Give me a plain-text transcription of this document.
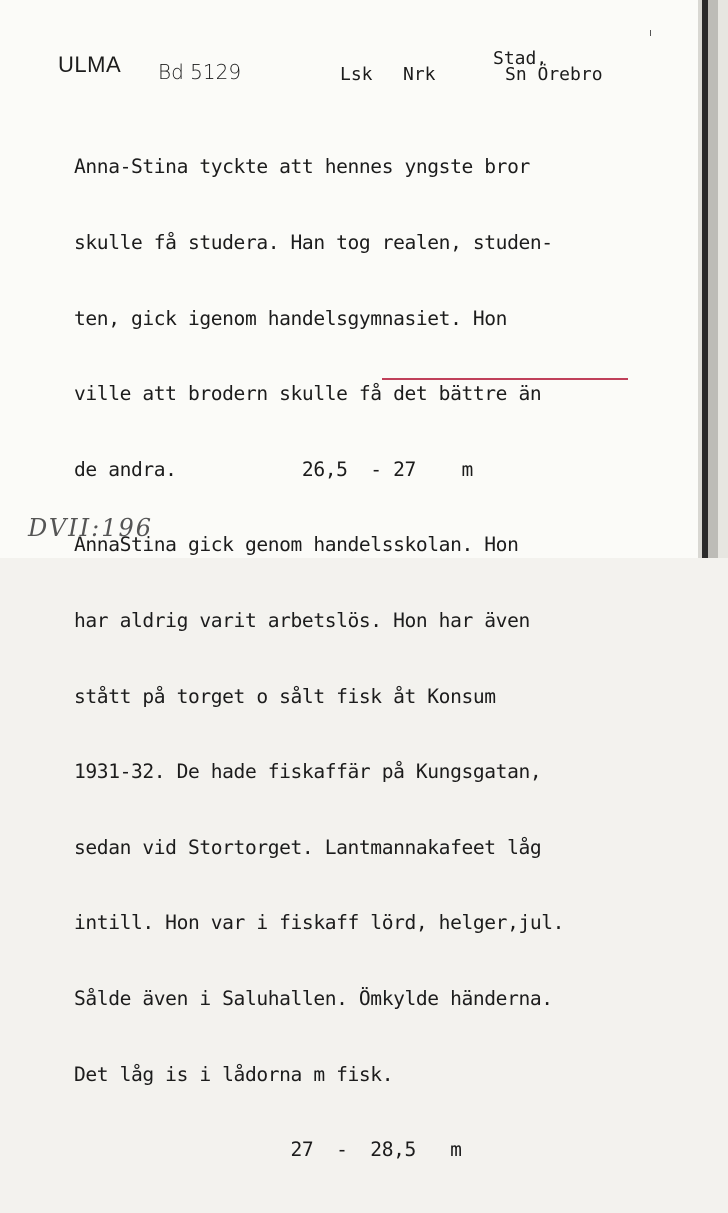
ULMA Bd 5129	Lsk Nrk
Stad.
Sn Örebro

Anna-Stina tyckte att hennes yngste bror

skulle få studera. Han tog realen, studen-

ten, gick igenom handelsgymnasiet. Hon

ville att brodern skulle få det bättre än

de andra.           26,5  - 27    m

AnnaStina gick genom handelsskolan. Hon

har aldrig varit arbetslös. Hon har även

stått på torget o sålt fisk åt Konsum

1931-32. De hade fiskaffär på Kungsgatan,

sedan vid Stortorget. Lantmannakafeet låg

intill. Hon var i fiskaff lörd, helger,jul.

Sålde även i Saluhallen. Ömkylde händerna.

Det låg is i lådorna m fisk.

27  -  28,5   m

DVII:196
